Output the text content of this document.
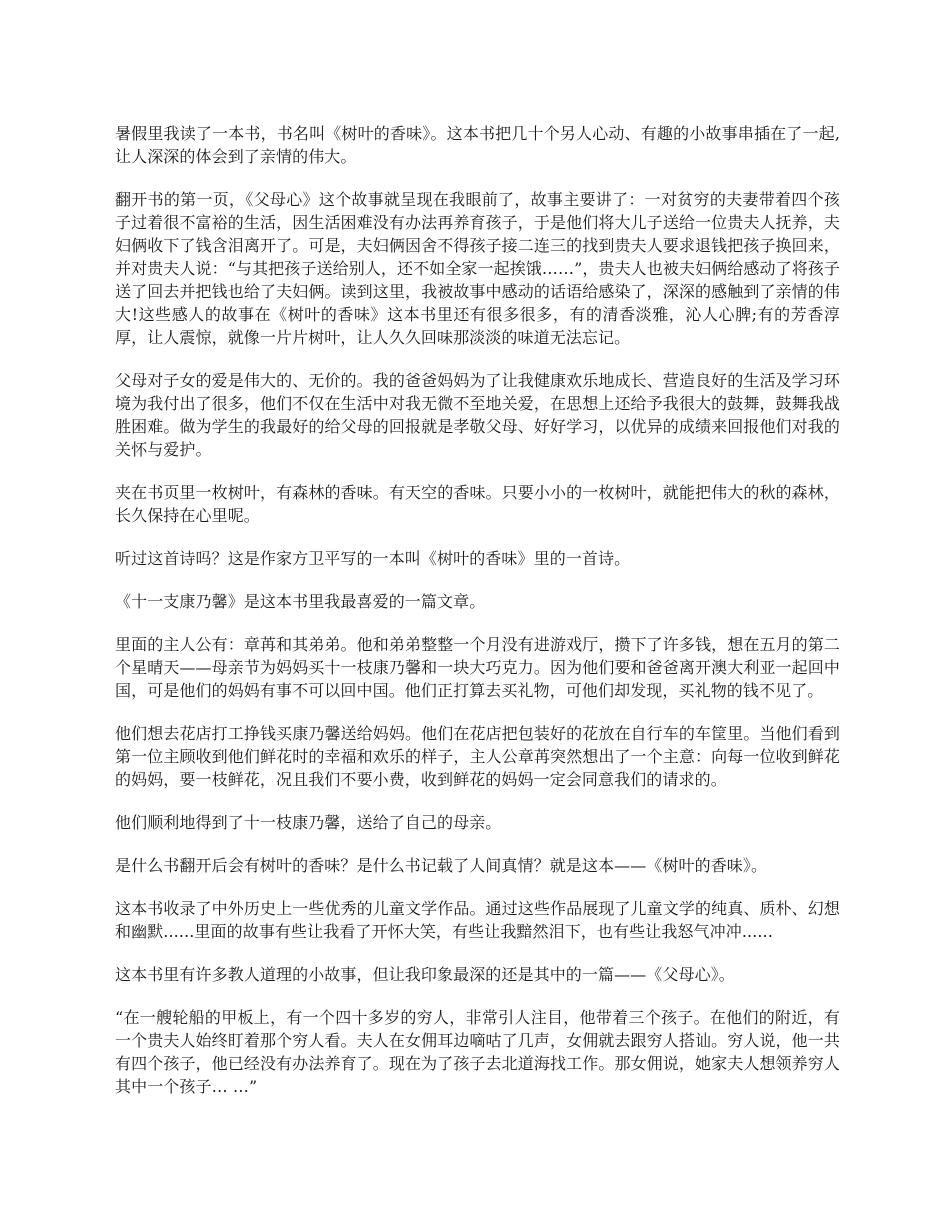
暑假里我读了一本书，书名叫《树叶的香味》。这本书把几十个另人心动、有趣的小故事串插在了一起,让人深深的体会到了亲情的伟大。

翻开书的第一页，《父母心》这个故事就呈现在我眼前了，故事主要讲了：一对贫穷的夫妻带着四个孩子过着很不富裕的生活，因生活困难没有办法再养育孩子，于是他们将大儿子送给一位贵夫人抚养，夫妇俩收下了钱含泪离开了。可是，夫妇俩因舍不得孩子接二连三的找到贵夫人要求退钱把孩子换回来，并对贵夫人说：“与其把孩子送给别人，还不如全家一起挨饿……”，贵夫人也被夫妇俩给感动了将孩子送了回去并把钱也给了夫妇俩。读到这里，我被故事中感动的话语给感染了，深深的感触到了亲情的伟大!这些感人的故事在《树叶的香味》这本书里还有很多很多，有的清香淡雅，沁人心脾;有的芳香淳厚，让人震惊，就像一片片树叶，让人久久回味那淡淡的味道无法忘记。

父母对子女的爱是伟大的、无价的。我的爸爸妈妈为了让我健康欢乐地成长、营造良好的生活及学习环境为我付出了很多，他们不仅在生活中对我无微不至地关爱，在思想上还给予我很大的鼓舞，鼓舞我战胜困难。做为学生的我最好的给父母的回报就是孝敬父母、好好学习，以优异的成绩来回报他们对我的关怀与爱护。

夹在书页里一枚树叶，有森林的香味。有天空的香味。只要小小的一枚树叶，就能把伟大的秋的森林，长久保持在心里呢。

听过这首诗吗？这是作家方卫平写的一本叫《树叶的香味》里的一首诗。

《十一支康乃馨》是这本书里我最喜爱的一篇文章。

里面的主人公有：章苒和其弟弟。他和弟弟整整一个月没有进游戏厅，攒下了许多钱，想在五月的第二个星晴天——母亲节为妈妈买十一枝康乃馨和一块大巧克力。因为他们要和爸爸离开澳大利亚一起回中国，可是他们的妈妈有事不可以回中国。他们正打算去买礼物，可他们却发现，买礼物的钱不见了。

他们想去花店打工挣钱买康乃馨送给妈妈。他们在花店把包装好的花放在自行车的车筐里。当他们看到第一位主顾收到他们鲜花时的幸福和欢乐的样子，主人公章苒突然想出了一个主意：向每一位收到鲜花的妈妈，要一枝鲜花，况且我们不要小费，收到鲜花的妈妈一定会同意我们的请求的。

他们顺利地得到了十一枝康乃馨，送给了自己的母亲。

是什么书翻开后会有树叶的香味？是什么书记载了人间真情？就是这本——《树叶的香味》。

这本书收录了中外历史上一些优秀的儿童文学作品。通过这些作品展现了儿童文学的纯真、质朴、幻想和幽默......里面的故事有些让我看了开怀大笑，有些让我黯然泪下，也有些让我怒气冲冲......

这本书里有许多教人道理的小故事，但让我印象最深的还是其中的一篇——《父母心》。

“在一艘轮船的甲板上，有一个四十多岁的穷人，非常引人注目，他带着三个孩子。在他们的附近，有一个贵夫人始终盯着那个穷人看。夫人在女佣耳边嘀咕了几声，女佣就去跟穷人搭讪。穷人说，他一共有四个孩子，他已经没有办法养育了。现在为了孩子去北道海找工作。那女佣说，她家夫人想领养穷人其中一个孩子… …”
